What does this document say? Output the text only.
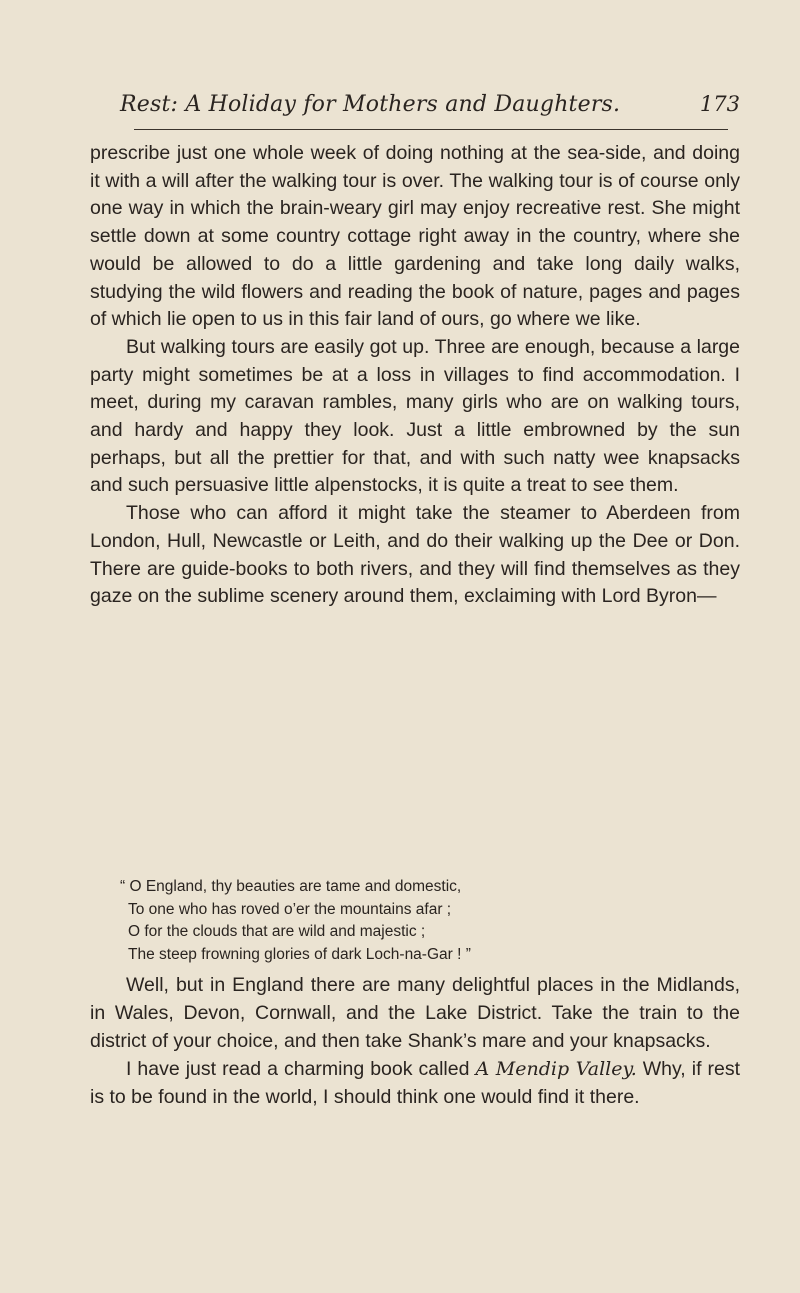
Rest: A Holiday for Mothers and Daughters.	173

prescribe just one whole week of doing nothing at the sea-side, and doing it with a will after the walking tour is over. The walking tour is of course only one way in which the brain-weary girl may enjoy recreative rest. She might settle down at some country cottage right away in the country, where she would be allowed to do a little gardening and take long daily walks, studying the wild flowers and reading the book of nature, pages and pages of which lie open to us in this fair land of ours, go where we like.

But walking tours are easily got up. Three are enough, because a large party might sometimes be at a loss in villages to find accommodation. I meet, during my caravan rambles, many girls who are on walking tours, and hardy and happy they look. Just a little embrowned by the sun perhaps, but all the prettier for that, and with such natty wee knapsacks and such persuasive little alpenstocks, it is quite a treat to see them.

Those who can afford it might take the steamer to Aberdeen from London, Hull, Newcastle or Leith, and do their walking up the Dee or Don. There are guide-books to both rivers, and they will find themselves as they gaze on the sublime scenery around them, exclaiming with Lord Byron—

“ O England, thy beauties are tame and domestic,
To one who has roved o’er the mountains afar ;
O for the clouds that are wild and majestic ;
The steep frowning glories of dark Loch-na-Gar ! ”

Well, but in England there are many delightful places in the Midlands, in Wales, Devon, Cornwall, and the Lake District. Take the train to the district of your choice, and then take Shank’s mare and your knapsacks.

I have just read a charming book called A Mendip Valley. Why, if rest is to be found in the world, I should think one would find it there.
